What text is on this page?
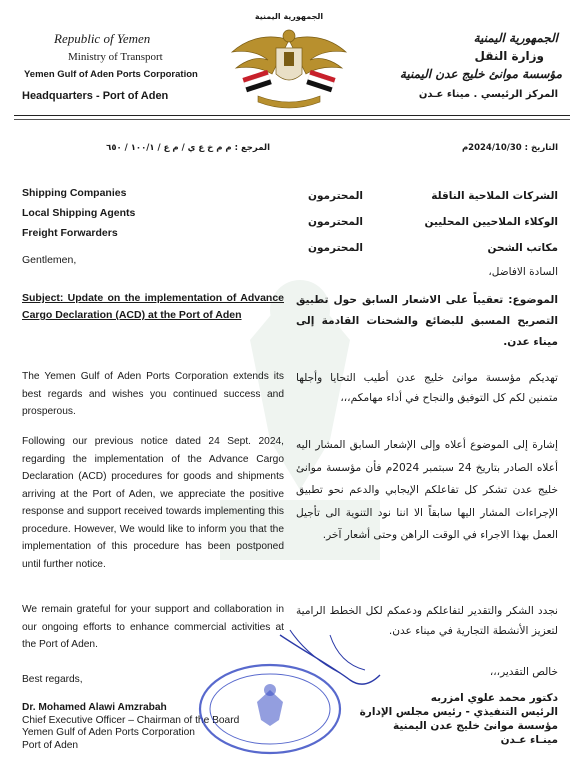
Republic of Yemen
Ministry of Transport
Yemen Gulf of Aden Ports Corporation
Headquarters - Port of Aden
الجمهورية اليمنية
الجمهورية اليمنية
وزارة النقل
مؤسسة موانئ خليج عدن اليمنية
المركز الرئيسي . ميناء عـدن
المرجع : م م خ ع ي / م ع / ١٠٠/١ / ٦٥٠	التاريخ : 2024/10/30م
Shipping Companies
Local Shipping Agents
Freight Forwarders
الشركات الملاحية الناقلة
المحترمون
الوكلاء الملاحيين المحليين
المحترمون
مكاتب الشحن
المحترمون
Gentlemen,
السادة الافاضل،
Subject: Update on the implementation of Advance Cargo Declaration (ACD) at the Port of Aden
الموضوع: تعقيباً على الاشعار السابق حول تطبيق التصريح المسبق للبضائع والشحنات القادمة إلى ميناء عدن.
The Yemen Gulf of Aden Ports Corporation extends its best regards and wishes you continued success and prosperous.
Following our previous notice dated 24 Sept. 2024, regarding the implementation of the Advance Cargo Declaration (ACD) procedures for goods and shipments arriving at the Port of Aden, we appreciate the positive response and support received towards implementing this procedure. However, We would like to inform you that the implementation of this procedure has been postponed until further notice.
We remain grateful for your support and collaboration in our ongoing efforts to enhance commercial activities at the Port of Aden.
تهديكم مؤسسة موانئ خليج عدن أطيب التحايا وأجلها متمنين لكم كل التوفيق والنجاح في أداء مهامكم،،،
إشارة إلى الموضوع أعلاه وإلى الإشعار السابق المشار اليه أعلاه الصادر بتاريخ 24 سبتمبر 2024م فأن مؤسسة موانئ خليج عدن تشكر كل تفاعلكم الإيجابي والدعم نحو تطبيق الإجراءات المشار اليها سابقاً الا اننا نود التنوية الى تأجيل العمل بهذا الاجراء في الوقت الراهن وحتى أشعار آخر.
نجدد الشكر والتقدير لتفاعلكم ودعمكم لكل الخطط الرامية لتعزيز الأنشطة التجارية في ميناء عدن.
Best regards,
خالص التقدير،،،
Dr. Mohamed Alawi Amzrabah
Chief Executive Officer – Chairman of the Board
Yemen Gulf of Aden Ports Corporation
Port of Aden
دكتور محمد علوي امزربه
الرئيس التنفيذي - رئيس مجلس الإدارة
مؤسسة موانئ خليج عدن اليمنية
مينـاء عـدن
